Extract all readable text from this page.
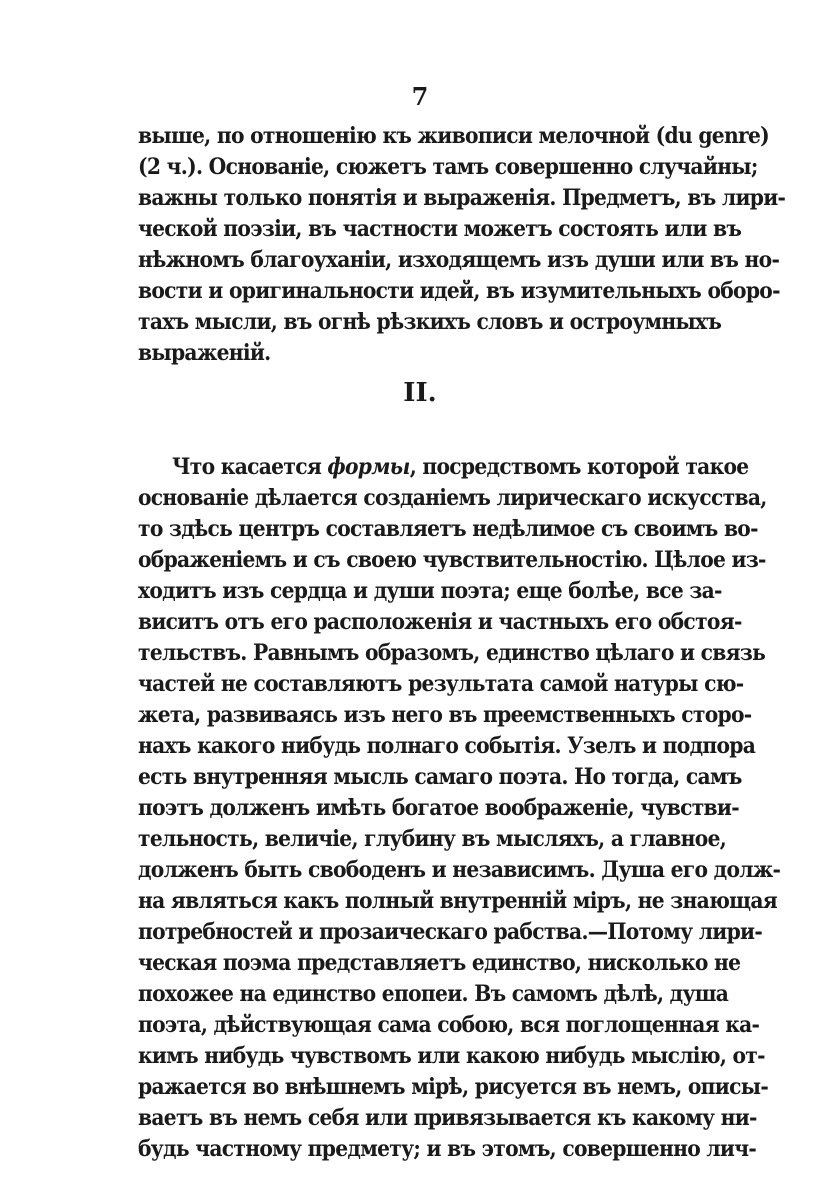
7
выше, по отношенію къ живописи мелочной (du genre)
(2 ч.). Основаніе, сюжетъ тамъ совершенно случайны;
важны только понятія и выраженія. Предметъ, въ лири-
ческой поэзіи, въ частности можетъ состоять или въ
нѣжномъ благоуханіи, изходящемъ изъ души или въ но-
вости и оригинальности идей, въ изумительныхъ оборо-
тахъ мысли, въ огнѣ рѣзкихъ словъ и остроумныхъ
выраженій.
II.
Что касается формы, посредствомъ которой такое
основаніе дѣлается созданіемъ лирическаго искусства,
то здѣсь центръ составляетъ недѣлимое съ своимъ во-
ображеніемъ и съ своею чувствительностію. Цѣлое из-
ходитъ изъ сердца и души поэта; еще болѣе, все за-
виситъ отъ его расположенія и частныхъ его обстоя-
тельствъ. Равнымъ образомъ, единство цѣлаго и связь
частей не составляютъ результата самой натуры сю-
жета, развиваясь изъ него въ преемственныхъ сторо-
нахъ какого нибудь полнаго событія. Узелъ и подпора
есть внутренняя мысль самаго поэта. Но тогда, самъ
поэтъ долженъ имѣть богатое воображеніе, чувстви-
тельность, величіе, глубину въ мысляхъ, а главное,
долженъ быть свободенъ и независимъ. Душа его долж-
на являться какъ полный внутренній міръ, не знающая
потребностей и прозаическаго рабства.—Потому лири-
ческая поэма представляетъ единство, нисколько не
похожее на единство епопеи. Въ самомъ дѣлѣ, душа
поэта, дѣйствующая сама собою, вся поглощенная ка-
кимъ нибудь чувствомъ или какою нибудь мыслію, от-
ражается во внѣшнемъ мірѣ, рисуется въ немъ, описы-
ваетъ въ немъ себя или привязывается къ какому ни-
будь частному предмету; и въ этомъ, совершенно лич-
